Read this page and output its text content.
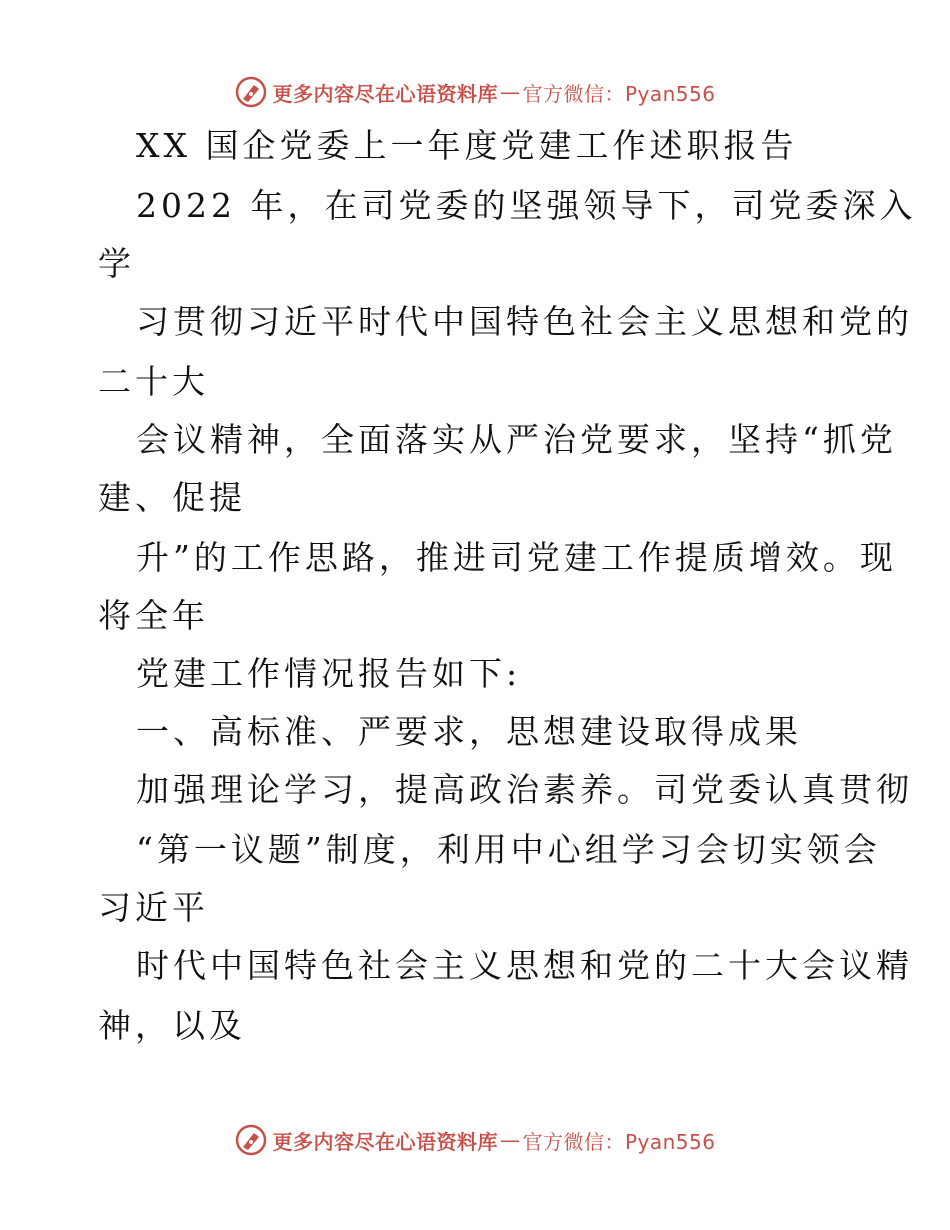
更多内容尽在心语资料库 — 官方微信：Pyan556
XX 国企党委上一年度党建工作述职报告
2022 年，在司党委的坚强领导下，司党委深入
学
习贯彻习近平时代中国特色社会主义思想和党的
二十大
会议精神，全面落实从严治党要求，坚持“抓党
建、促提
升”的工作思路，推进司党建工作提质增效。现
将全年
党建工作情况报告如下:
一、高标准、严要求，思想建设取得成果
加强理论学习，提高政治素养。司党委认真贯彻
“第一议题”制度，利用中心组学习会切实领会
习近平
时代中国特色社会主义思想和党的二十大会议精
神，以及
更多内容尽在心语资料库 — 官方微信：Pyan556
